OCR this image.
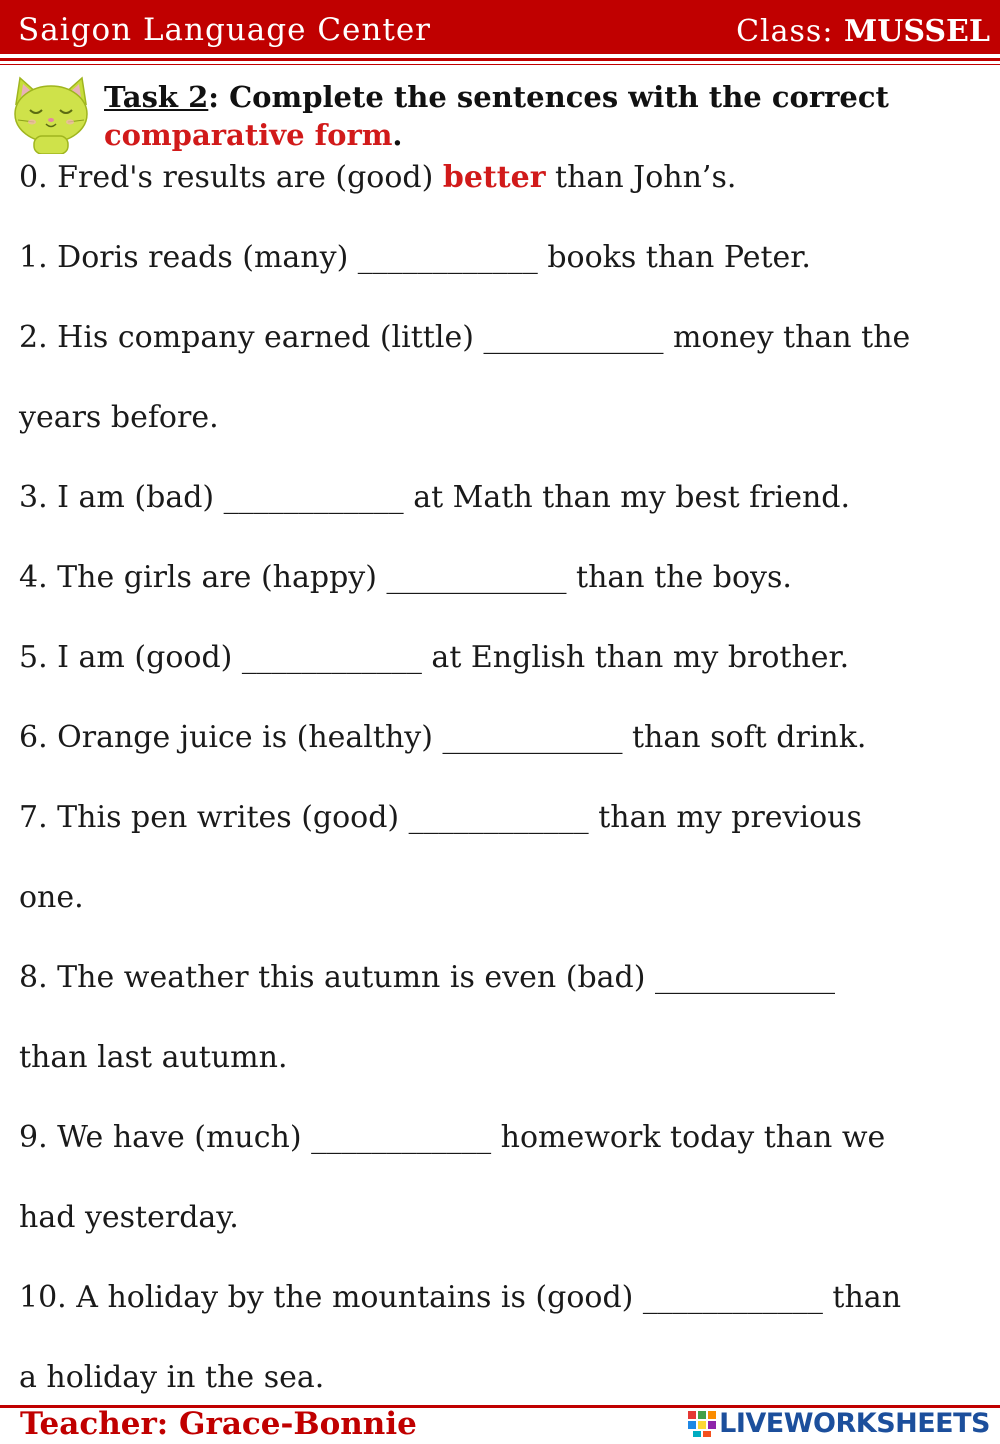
Saigon Language Center	Class: MUSSEL
Task 2: Complete the sentences with the correct
comparative form.
0. Fred's results are (good) better than John’s.
1. Doris reads (many) ____________ books than Peter.
2. His company earned (little) ____________ money than the
years before.
3. I am (bad) ____________ at Math than my best friend.
4. The girls are (happy) ____________ than the boys.
5. I am (good) ____________ at English than my brother.
6. Orange juice is (healthy) ____________ than soft drink.
7. This pen writes (good) ____________ than my previous
one.
8. The weather this autumn is even (bad) ____________
than last autumn.
9. We have (much) ____________ homework today than we
had yesterday.
10. A holiday by the mountains is (good) ____________ than
a holiday in the sea.
Teacher: Grace-Bonnie	LIVEWORKSHEETS
